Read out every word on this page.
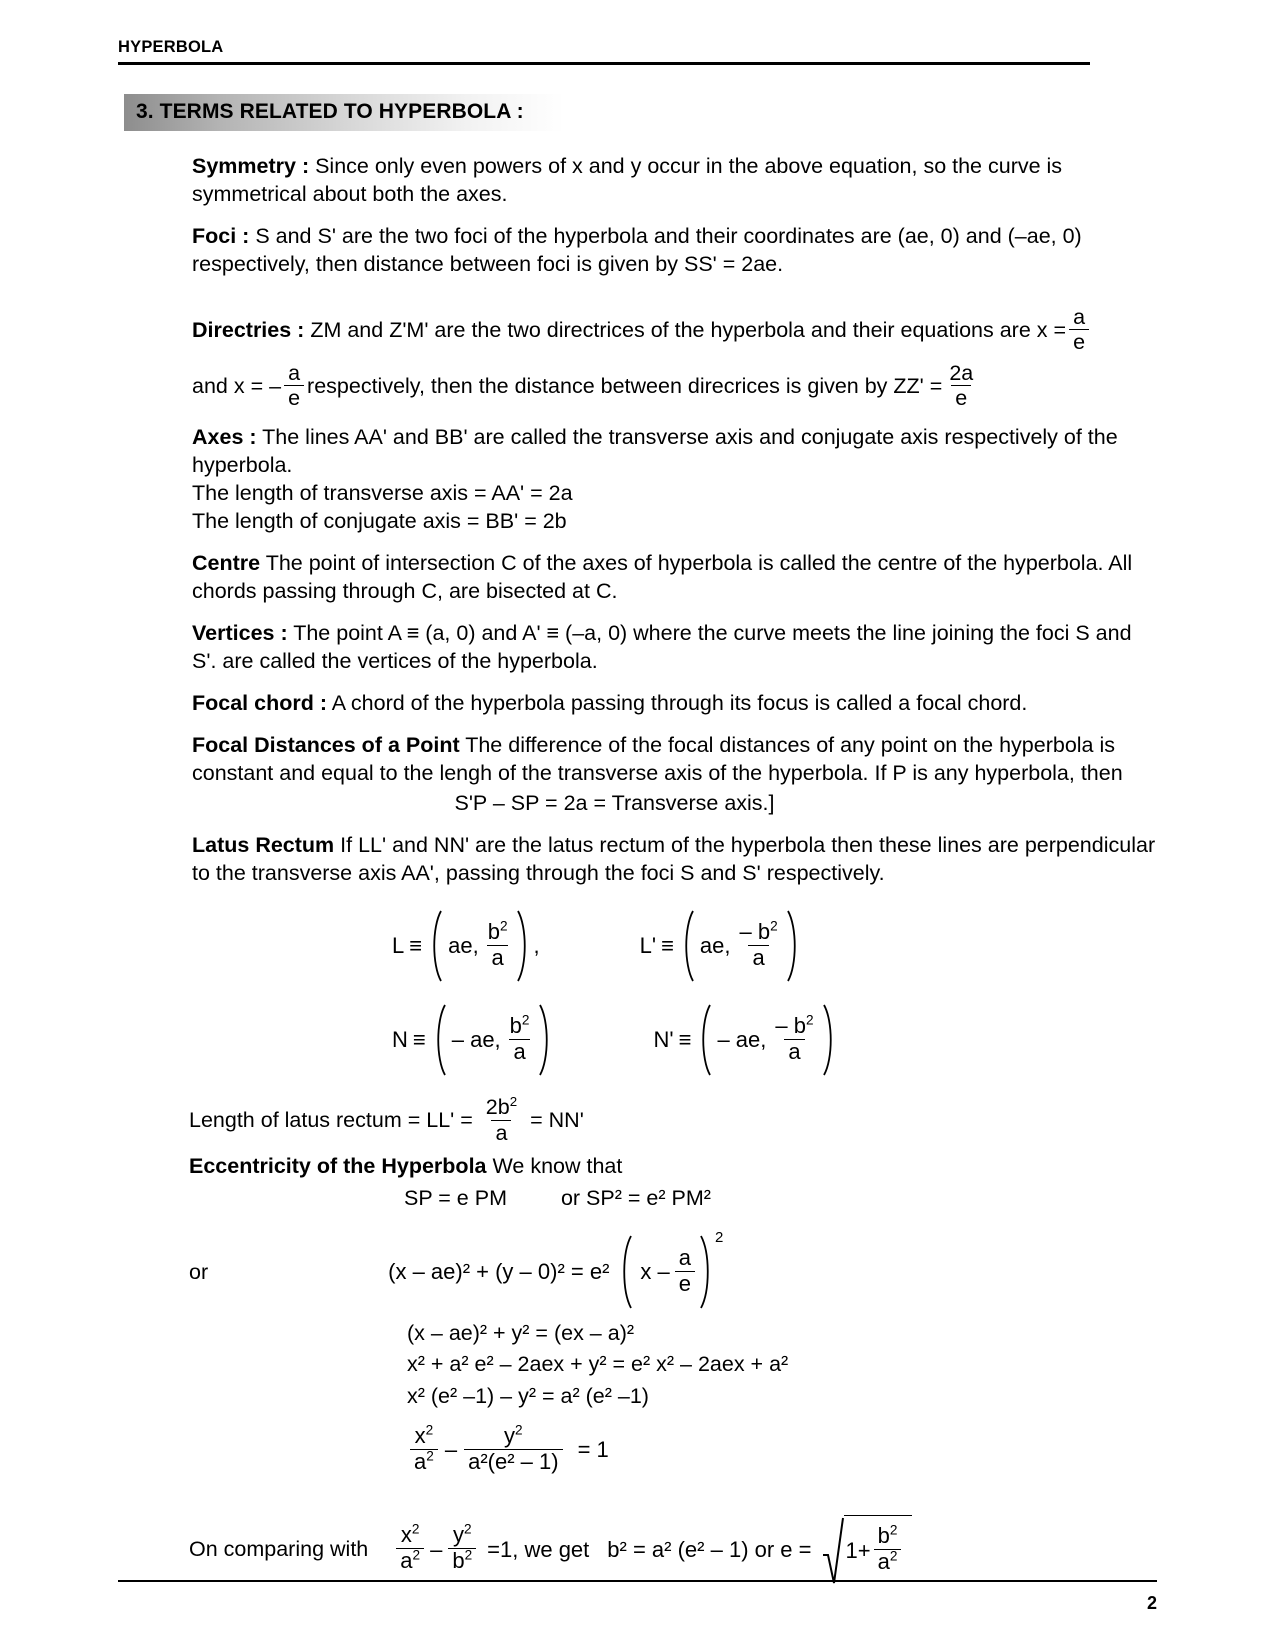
HYPERBOLA
3. TERMS RELATED TO HYPERBOLA :

Symmetry : Since only even powers of x and y occur in the above equation, so the curve is symmetrical about both the axes.

Foci : S and S' are the two foci of the hyperbola and their coordinates are (ae, 0) and (–ae, 0) respectively, then distance between foci is given by SS' = 2ae.

Directries :
ZM and Z'M' are the two directrices of the hyperbola and their equations are $x = \frac{a}{e}$
and x = – $\frac{a}{e}$ respectively, then the distance between direcrices is given by $ZZ' = \frac{2a}{e}$

Axes : The lines AA' and BB' are called the transverse axis and conjugate axis respectively of the hyperbola.

The length of transverse axis = AA' = 2a

The length of conjugate axis = BB' = 2b

Centre The point of intersection C of the axes of hyperbola is called the centre of the hyperbola. All chords passing through C, are bisected at C.

Vertices : The point A ≡ (a, 0) and A' ≡ (–a, 0) where the curve meets the line joining the foci S and S'. are called the vertices of the hyperbola.

Focal chord : A chord of the hyperbola passing through its focus is called a focal chord.

Focal Distances of a Point The difference of the focal distances of any point on the hyperbola is constant and equal to the lengh of the transverse axis of the hyperbola. If P is any hyperbola, then

S'P – SP = 2a = Transverse axis.]

Latus Rectum If LL' and NN' are the latus rectum of the hyperbola then these lines are perpendicular to the transverse axis AA', passing through the foci S and S' respectively.

L ≡ ae, $\frac{b^2}{a}$ ,	L' ≡ ae, $\frac{- b^2}{a}$
N ≡ – ae, $\frac{b^2}{a}$	N' ≡ – ae, $\frac{- b^2}{a}$
Length of latus rectum = LL' =
$\frac{2b^2}{a}$
= NN'

Eccentricity of the Hyperbola We know that

SP = e PM	or SP² = e² PM²
or	(x – ae)² + (y – 0)² = e² x – $\frac{a}{e}$
2
(x – ae)² + y² = (ex – a)²
x² + a² e² – 2aex + y² = e² x² – 2aex + a²
x² (e² –1) – y² = a² (e² –1)
$\frac{x^2}{a^2} - \frac{y^2}{\text{a²(e² – 1)}} = 1$
On comparing with $\frac{x^2}{a^2} - \frac{y^2}{b^2} =1$, we get b² = a² (e² – 1) or $e = 1+ \frac{b^2}{a^2}$
2
